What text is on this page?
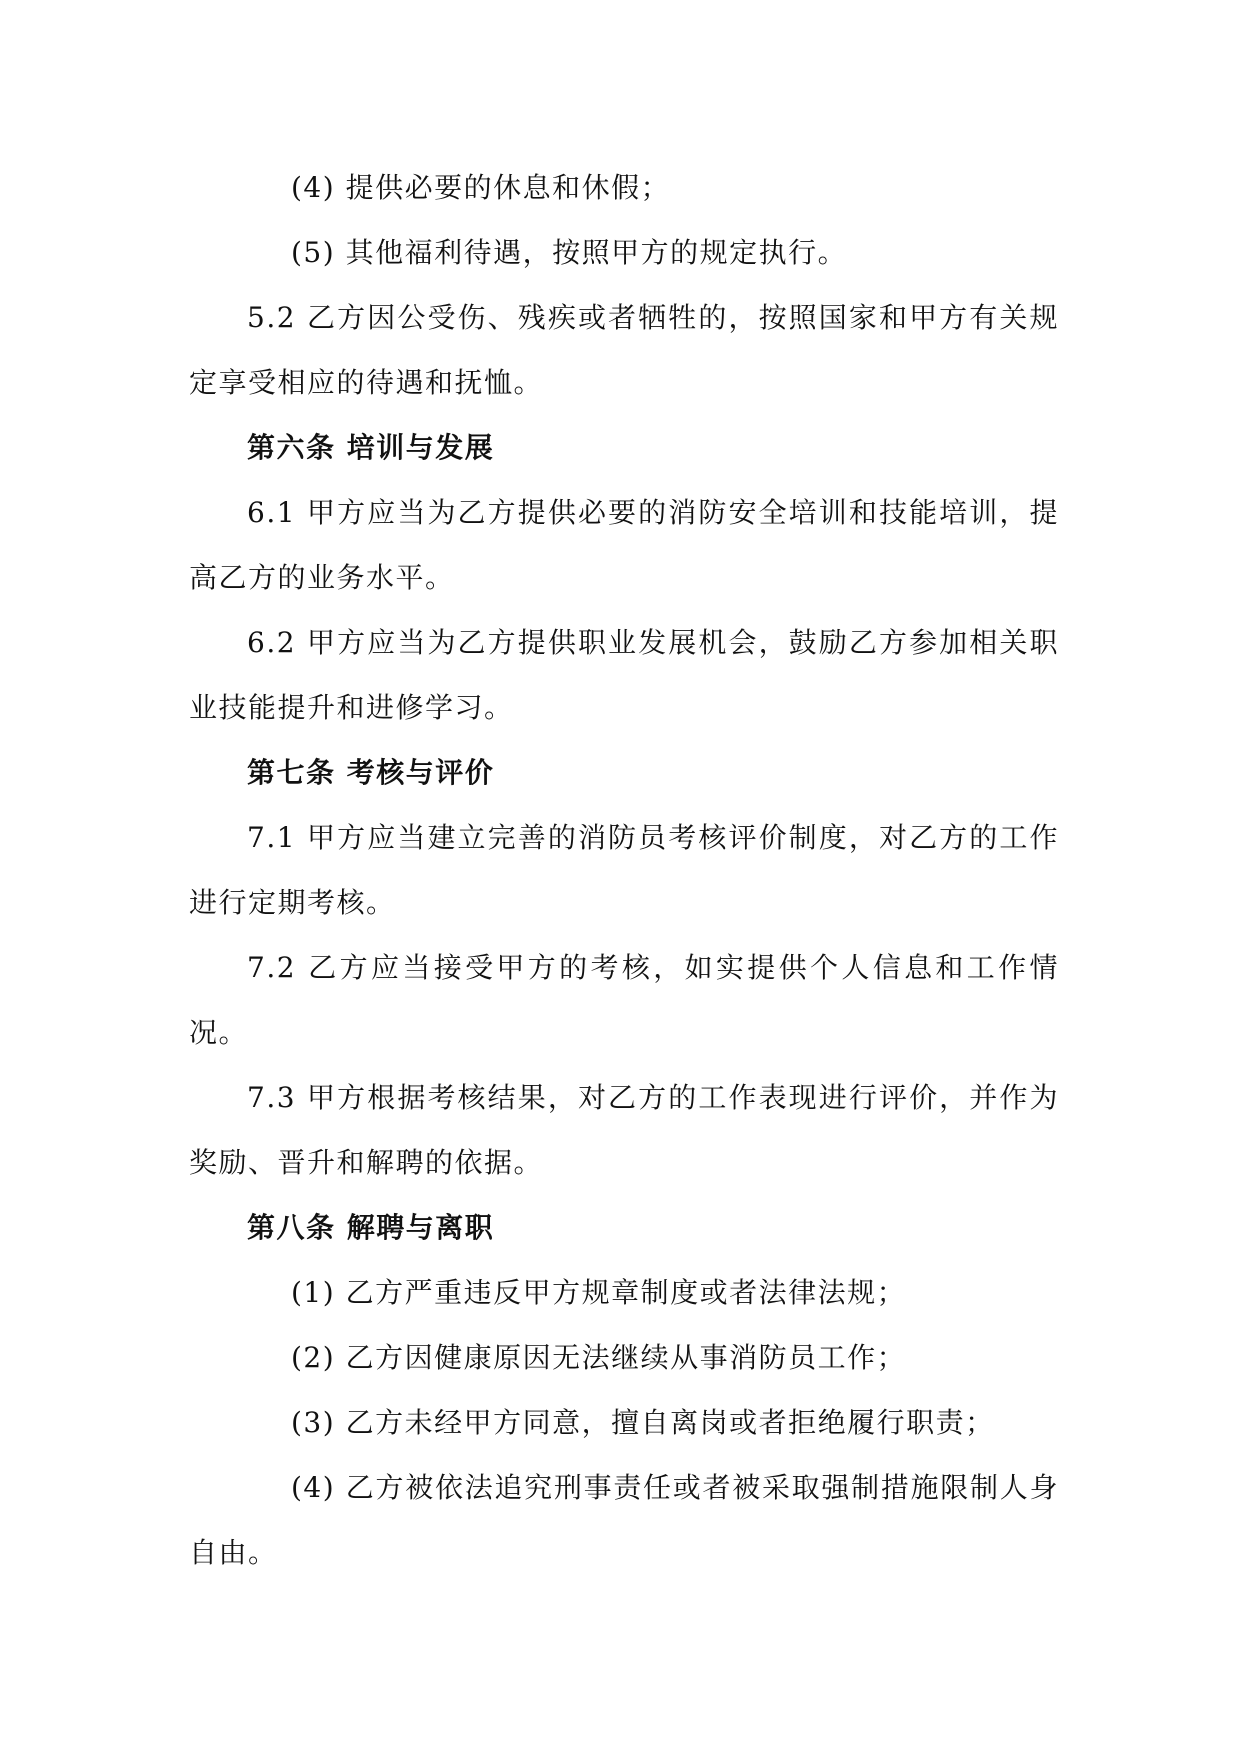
(4) 提供必要的休息和休假；
(5) 其他福利待遇，按照甲方的规定执行。
5.2 乙方因公受伤、残疾或者牺牲的，按照国家和甲方有关规
定享受相应的待遇和抚恤。
第六条 培训与发展
6.1 甲方应当为乙方提供必要的消防安全培训和技能培训，提
高乙方的业务水平。
6.2 甲方应当为乙方提供职业发展机会，鼓励乙方参加相关职
业技能提升和进修学习。
第七条 考核与评价
7.1 甲方应当建立完善的消防员考核评价制度，对乙方的工作
进行定期考核。
7.2 乙方应当接受甲方的考核，如实提供个人信息和工作情
况。
7.3 甲方根据考核结果，对乙方的工作表现进行评价，并作为
奖励、晋升和解聘的依据。
第八条 解聘与离职
(1) 乙方严重违反甲方规章制度或者法律法规；
(2) 乙方因健康原因无法继续从事消防员工作；
(3) 乙方未经甲方同意，擅自离岗或者拒绝履行职责；
(4) 乙方被依法追究刑事责任或者被采取强制措施限制人身
自由。
